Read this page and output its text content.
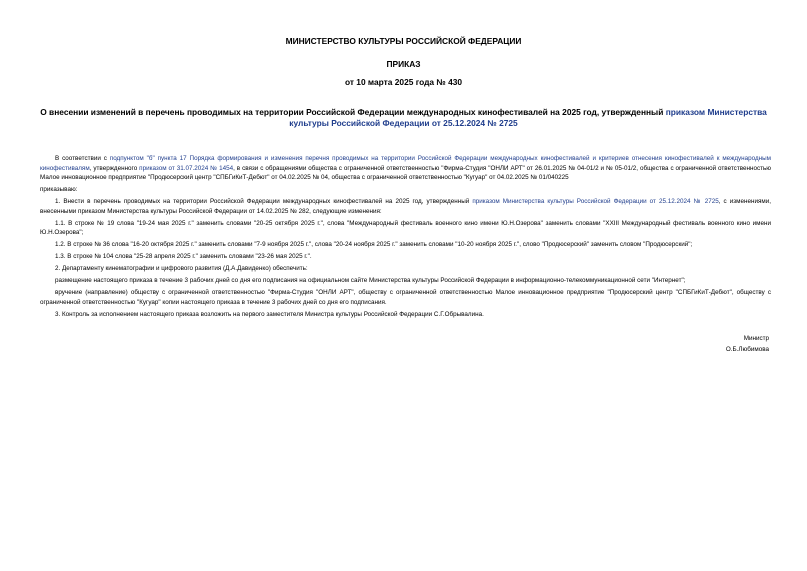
МИНИСТЕРСТВО КУЛЬТУРЫ РОССИЙСКОЙ ФЕДЕРАЦИИ
ПРИКАЗ
от 10 марта 2025 года № 430
О внесении изменений в перечень проводимых на территории Российской Федерации международных кинофестивалей на 2025 год, утвержденный приказом Министерства культуры Российской Федерации от 25.12.2024 № 2725

В соответствии с подпунктом "б" пункта 17 Порядка формирования и изменения перечня проводимых на территории Российской Федерации международных кинофестивалей и критериев отнесения кинофестивалей к международным кинофестивалям, утвержденного приказом от 31.07.2024 № 1454, в связи с обращениями общества с ограниченной ответственностью "Фирма-Студия "ОНЛИ АРТ" от 26.01.2025 № 04-01/2 и № 05-01/2, общества с ограниченной ответственностью Малое инновационное предприятие "Продюсерский центр "СПБГиКиТ-Дебют" от 04.02.2025 № 04, общества с ограниченной ответственностью "Кугуар" от 04.02.2025 № 01/040225

приказываю:

1. Внести в перечень проводимых на территории Российской Федерации международных кинофестивалей на 2025 год, утвержденный приказом Министерства культуры Российской Федерации от 25.12.2024 № 2725, с изменениями, внесенными приказом Министерства культуры Российской Федерации от 14.02.2025 № 282, следующие изменения:

1.1. В строке № 19 слова "19-24 мая 2025 г." заменить словами "20-25 октября 2025 г.", слова "Международный фестиваль военного кино имени Ю.Н.Озерова" заменить словами "XXIII Международный фестиваль военного кино имени Ю.Н.Озерова";

1.2. В строке № 36 слова "16-20 октября 2025 г." заменить словами "7-9 ноября 2025 г.", слова "20-24 ноября 2025 г." заменить словами "10-20 ноября 2025 г.", слово "Продюсерский" заменить словом "Продюсерский";

1.3. В строке № 104 слова "25-28 апреля 2025 г." заменить словами "23-26 мая 2025 г.".

2. Департаменту кинематографии и цифрового развития (Д.А.Давиденко) обеспечить:

размещение настоящего приказа в течение 3 рабочих дней со дня его подписания на официальном сайте Министерства культуры Российской Федерации в информационно-телекоммуникационной сети "Интернет";

вручение (направление) обществу с ограниченной ответственностью "Фирма-Студия "ОНЛИ АРТ", обществу с ограниченной ответственностью Малое инновационное предприятие "Продюсерский центр "СПБГиКиТ-Дебют", обществу с ограниченной ответственностью "Кугуар" копии настоящего приказа в течение 3 рабочих дней со дня его подписания.

3. Контроль за исполнением настоящего приказа возложить на первого заместителя Министра культуры Российской Федерации С.Г.Обрывалина.

Министр
О.Б.Любимова
